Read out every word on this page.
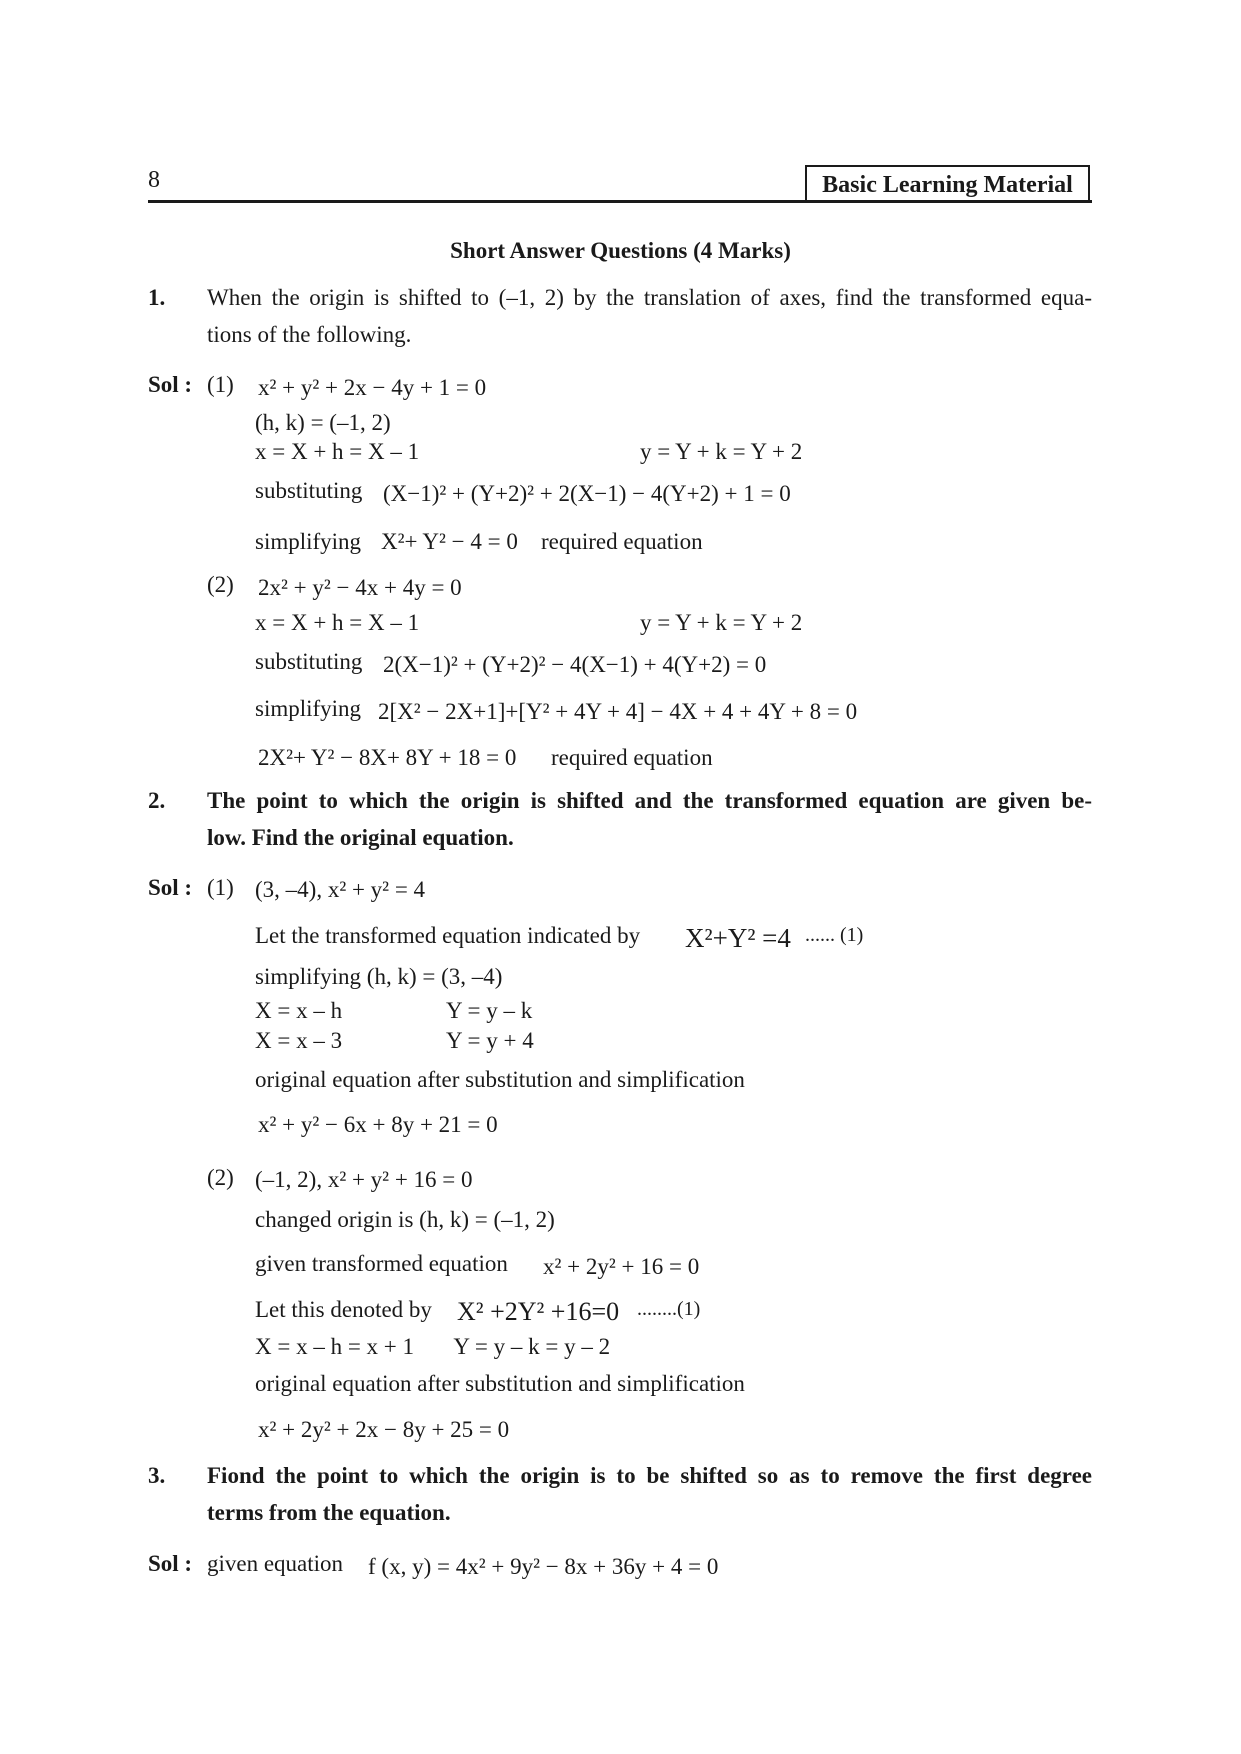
8	Basic Learning Material
Short Answer Questions (4 Marks)
1. When the origin is shifted to (–1, 2) by the translation of axes, find the transformed equa-
tions of the following.
Sol : (1) x² + y² + 2x − 4y + 1 = 0
(h, k) = (–1, 2)
x = X + h = X – 1	y = Y + k = Y + 2
substituting (X−1)² + (Y+2)² + 2(X−1) − 4(Y+2) + 1 = 0
simplifying X²+ Y² − 4 = 0 required equation
(2) 2x² + y² − 4x + 4y = 0
x = X + h = X – 1	y = Y + k = Y + 2
substituting 2(X−1)² + (Y+2)² − 4(X−1) + 4(Y+2) = 0
simplifying 2[X² − 2X+1]+[Y² + 4Y + 4] − 4X + 4 + 4Y + 8 = 0
2X²+ Y² − 8X+ 8Y + 18 = 0 required equation
2. The point to which the origin is shifted and the transformed equation are given be-
low. Find the original equation.
Sol : (1) (3, –4), x² + y² = 4
Let the transformed equation indicated by X²+Y² =4 ...... (1)
simplifying (h, k) = (3, –4)
X = x – h	Y = y – k
X = x – 3	Y = y + 4
original equation after substitution and simplification
x² + y² − 6x + 8y + 21 = 0
(2) (–1, 2), x² + y² + 16 = 0
changed origin is (h, k) = (–1, 2)
given transformed equation x² + 2y² + 16 = 0
Let this denoted by X² +2Y² +16=0 ........(1)
X = x – h = x + 1       Y = y – k = y – 2
original equation after substitution and simplification
x² + 2y² + 2x − 8y + 25 = 0
3. Fiond the point to which the origin is to be shifted so as to remove the first degree
terms from the equation.
Sol : given equation f (x, y) = 4x² + 9y² − 8x + 36y + 4 = 0
